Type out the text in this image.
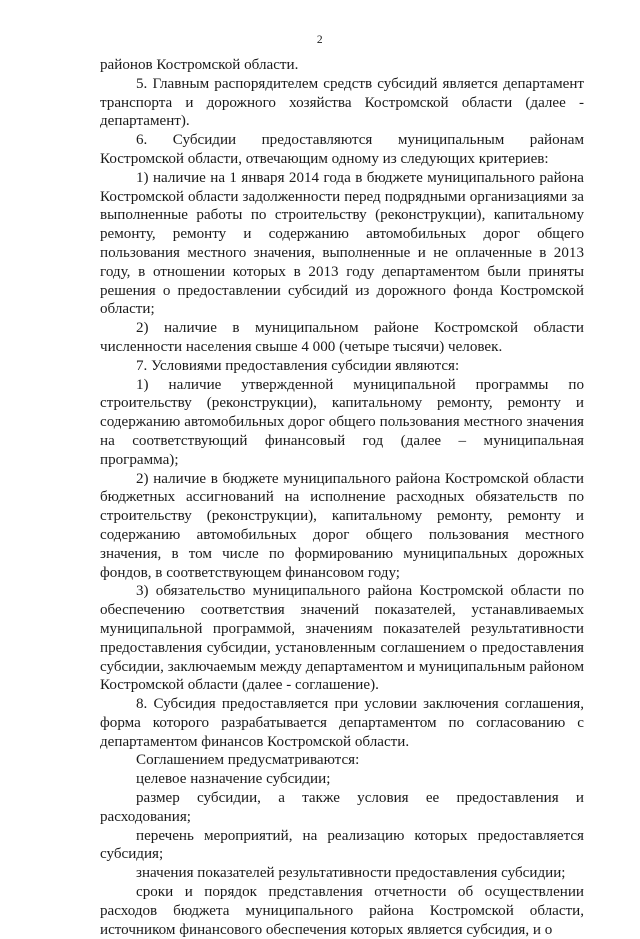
2

районов Костромской области.

5. Главным распорядителем средств субсидий является департамент транспорта и дорожного хозяйства Костромской области (далее - департамент).

6. Субсидии предоставляются муниципальным районам Костромской области, отвечающим одному из следующих критериев:

1) наличие на 1 января 2014 года в бюджете муниципального района Костромской области задолженности перед подрядными организациями за выполненные работы по строительству (реконструкции), капитальному ремонту, ремонту и содержанию автомобильных дорог общего пользования местного значения, выполненные и не оплаченные в 2013 году, в отношении которых в 2013 году департаментом были приняты решения о предоставлении субсидий из дорожного фонда Костромской области;

2) наличие в муниципальном районе Костромской области численности населения свыше 4 000 (четыре тысячи) человек.

7. Условиями предоставления субсидии являются:

1) наличие утвержденной муниципальной программы по строительству (реконструкции), капитальному ремонту, ремонту и содержанию автомобильных дорог общего пользования местного значения на соответствующий финансовый год (далее – муниципальная программа);

2) наличие в бюджете муниципального района Костромской области бюджетных ассигнований на исполнение расходных обязательств по строительству (реконструкции), капитальному ремонту, ремонту и содержанию автомобильных дорог общего пользования местного значения, в том числе по формированию муниципальных дорожных фондов, в соответствующем финансовом году;

3) обязательство муниципального района Костромской области по обеспечению соответствия значений показателей, устанавливаемых муниципальной программой, значениям показателей результативности предоставления субсидии, установленным соглашением о предоставления субсидии, заключаемым между департаментом и муниципальным районом Костромской области (далее - соглашение).

8. Субсидия предоставляется при условии заключения соглашения, форма которого разрабатывается департаментом по согласованию с департаментом финансов Костромской области.

Соглашением предусматриваются:

целевое назначение субсидии;

размер субсидии, а также условия ее предоставления и расходования;

перечень мероприятий, на реализацию которых предоставляется субсидия;

значения показателей результативности предоставления субсидии;

сроки и порядок представления отчетности об осуществлении расходов бюджета муниципального района Костромской области, источником финансового обеспечения которых является субсидия, и о
